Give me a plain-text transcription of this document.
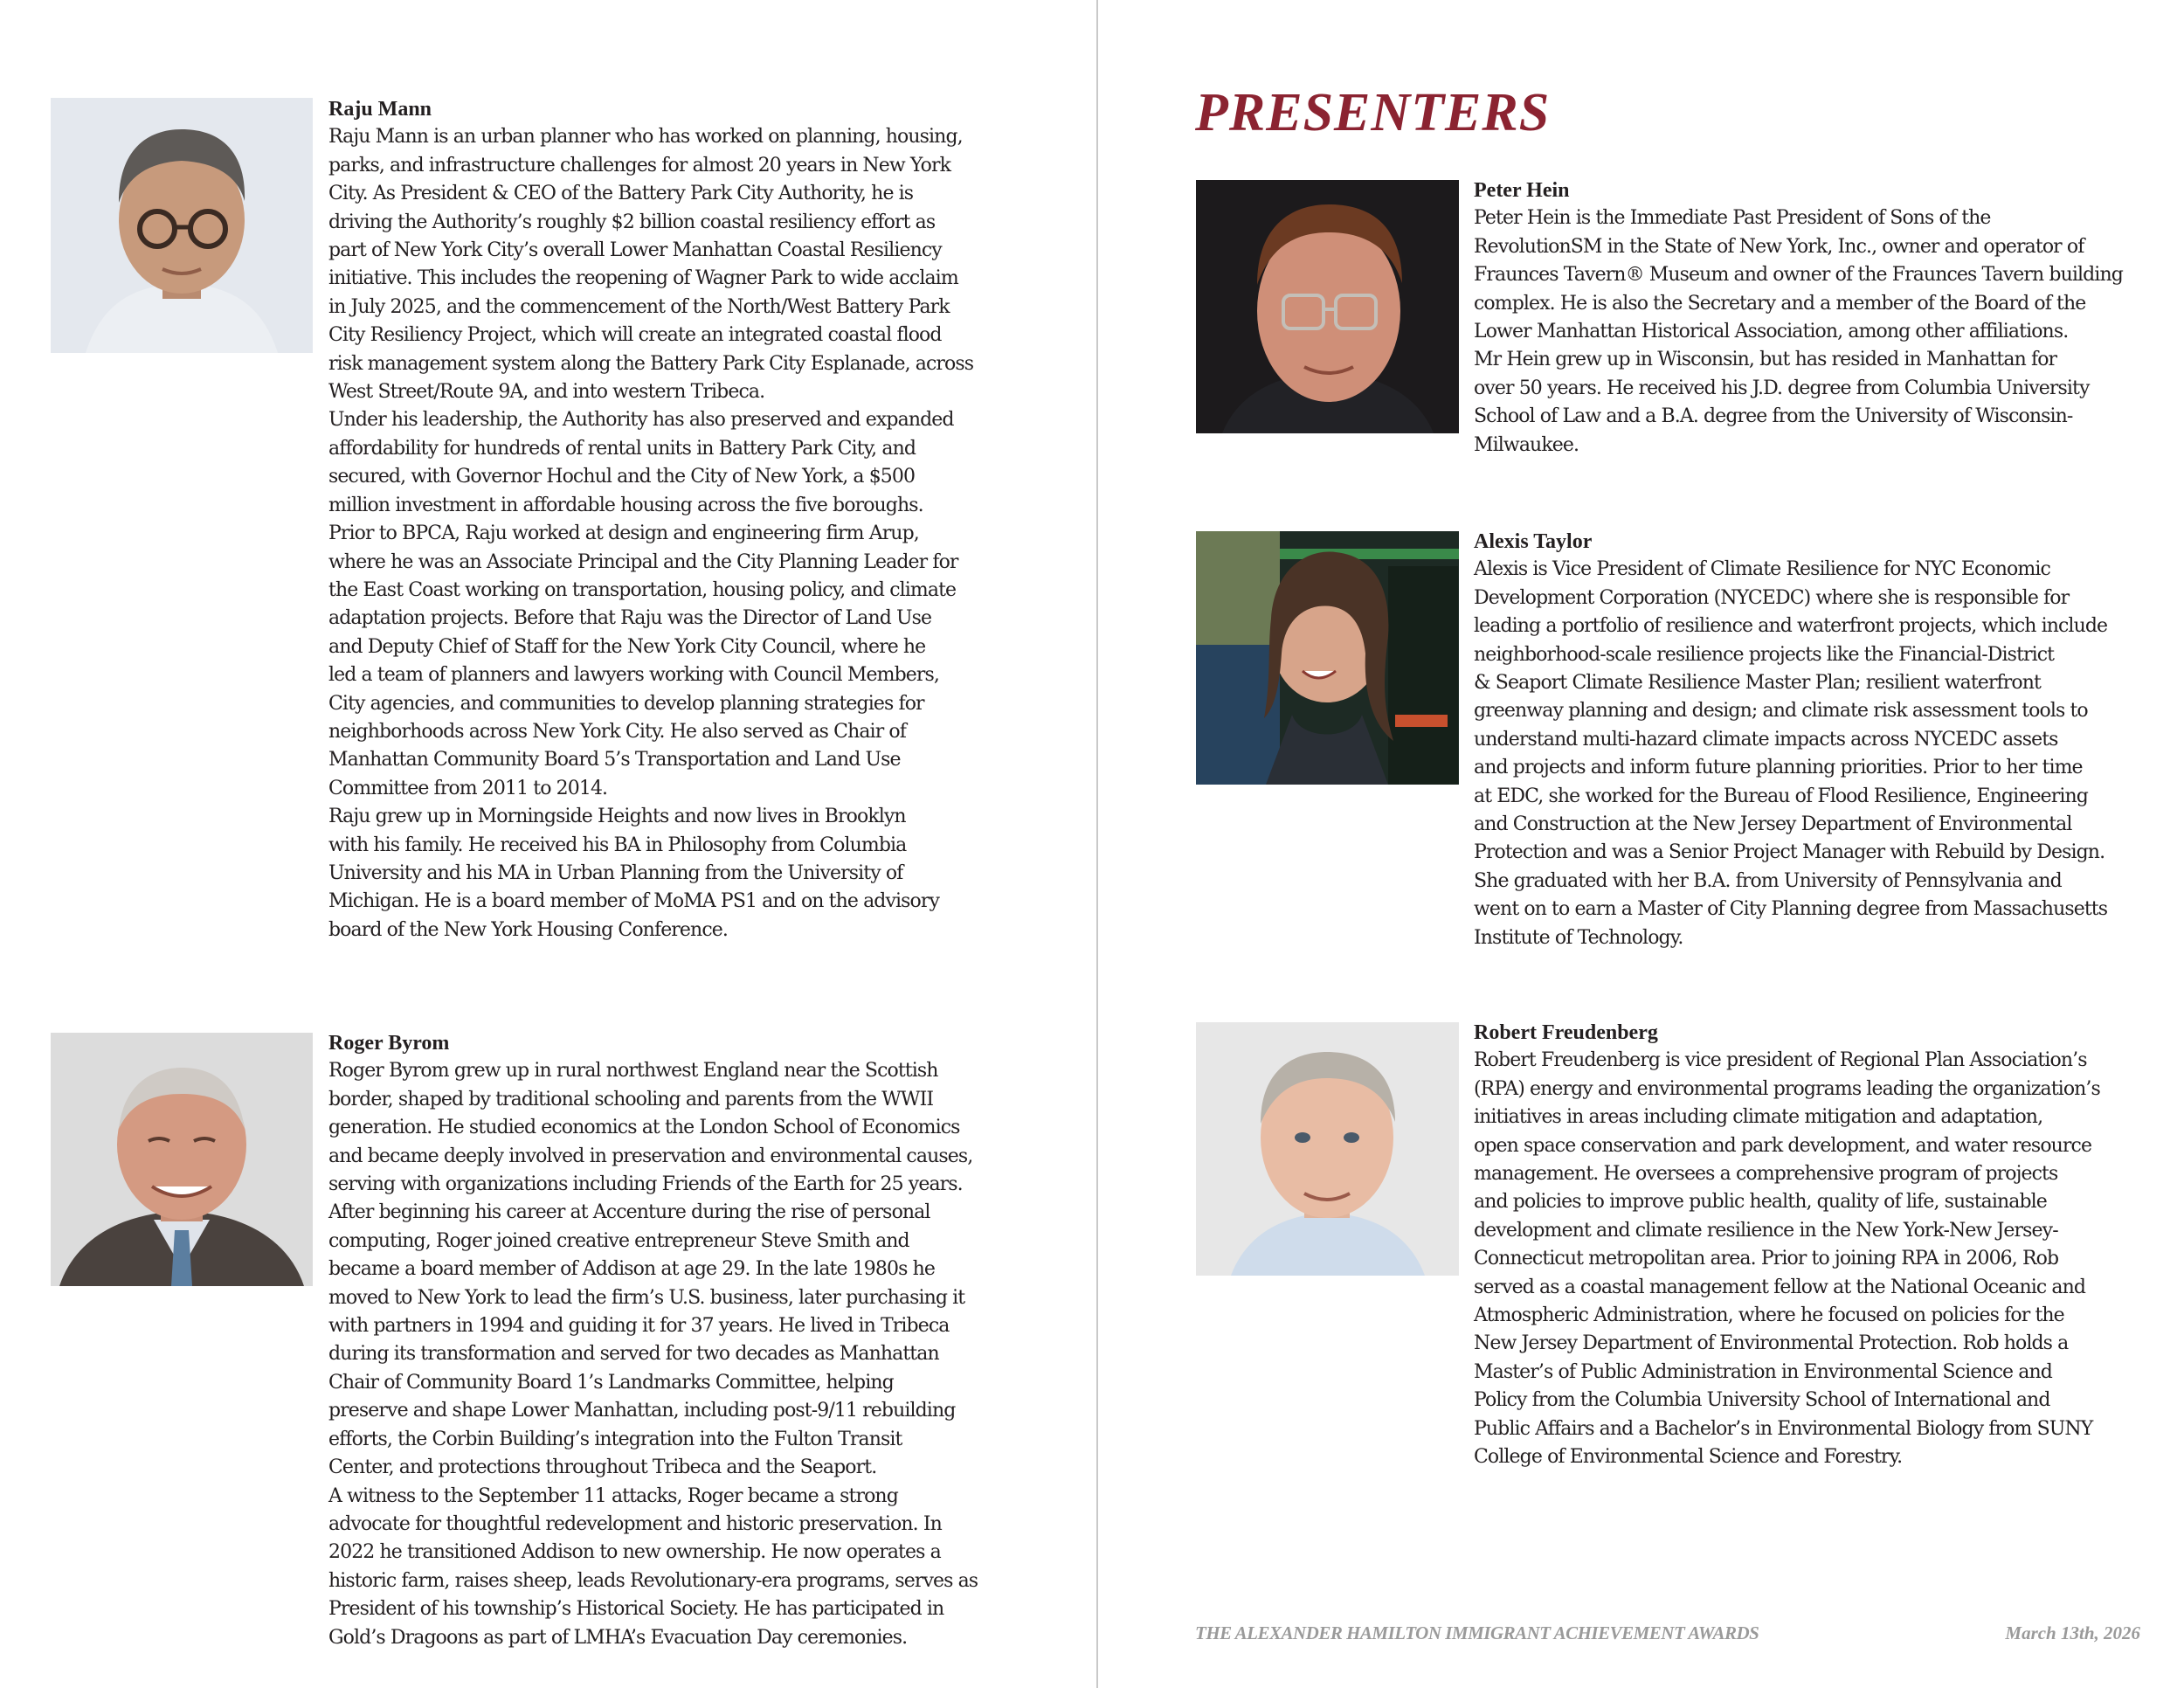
Raju Mann

Raju Mann is an urban planner who has worked on planning, housing,

parks, and infrastructure challenges for almost 20 years in New York

City. As President & CEO of the Battery Park City Authority, he is

driving the Authority’s roughly $2 billion coastal resiliency effort as

part of New York City’s overall Lower Manhattan Coastal Resiliency

initiative. This includes the reopening of Wagner Park to wide acclaim

in July 2025, and the commencement of the North/West Battery Park

City Resiliency Project, which will create an integrated coastal flood

risk management system along the Battery Park City Esplanade, across

West Street/Route 9A, and into western Tribeca.

Under his leadership, the Authority has also preserved and expanded

affordability for hundreds of rental units in Battery Park City, and

secured, with Governor Hochul and the City of New York, a $500

million investment in affordable housing across the five boroughs.

Prior to BPCA, Raju worked at design and engineering firm Arup,

where he was an Associate Principal and the City Planning Leader for

the East Coast working on transportation, housing policy, and climate

adaptation projects. Before that Raju was the Director of Land Use

and Deputy Chief of Staff for the New York City Council, where he

led a team of planners and lawyers working with Council Members,

City agencies, and communities to develop planning strategies for

neighborhoods across New York City. He also served as Chair of

Manhattan Community Board 5’s Transportation and Land Use

Committee from 2011 to 2014.

Raju grew up in Morningside Heights and now lives in Brooklyn

with his family. He received his BA in Philosophy from Columbia

University and his MA in Urban Planning from the University of

Michigan. He is a board member of MoMA PS1 and on the advisory

board of the New York Housing Conference.

Roger Byrom

Roger Byrom grew up in rural northwest England near the Scottish

border, shaped by traditional schooling and parents from the WWII

generation. He studied economics at the London School of Economics

and became deeply involved in preservation and environmental causes,

serving with organizations including Friends of the Earth for 25 years.

After beginning his career at Accenture during the rise of personal

computing, Roger joined creative entrepreneur Steve Smith and

became a board member of Addison at age 29. In the late 1980s he

moved to New York to lead the firm’s U.S. business, later purchasing it

with partners in 1994 and guiding it for 37 years. He lived in Tribeca

during its transformation and served for two decades as Manhattan

Chair of Community Board 1’s Landmarks Committee, helping

preserve and shape Lower Manhattan, including post-9/11 rebuilding

efforts, the Corbin Building’s integration into the Fulton Transit

Center, and protections throughout Tribeca and the Seaport.

A witness to the September 11 attacks, Roger became a strong

advocate for thoughtful redevelopment and historic preservation. In

2022 he transitioned Addison to new ownership. He now operates a

historic farm, raises sheep, leads Revolutionary-era programs, serves as

President of his township’s Historical Society. He has participated in

Gold’s Dragoons as part of LMHA’s Evacuation Day ceremonies.

PRESENTERS
Peter Hein

Peter Hein is the Immediate Past President of Sons of the

RevolutionSM in the State of New York, Inc., owner and operator of

Fraunces Tavern® Museum and owner of the Fraunces Tavern building

complex. He is also the Secretary and a member of the Board of the

Lower Manhattan Historical Association, among other affiliations.

Mr Hein grew up in Wisconsin, but has resided in Manhattan for

over 50 years. He received his J.D. degree from Columbia University

School of Law and a B.A. degree from the University of Wisconsin-

Milwaukee.

Alexis Taylor

Alexis is Vice President of Climate Resilience for NYC Economic

Development Corporation (NYCEDC) where she is responsible for

leading a portfolio of resilience and waterfront projects, which include

neighborhood-scale resilience projects like the Financial-District

& Seaport Climate Resilience Master Plan; resilient waterfront

greenway planning and design; and climate risk assessment tools to

understand multi-hazard climate impacts across NYCEDC assets

and projects and inform future planning priorities. Prior to her time

at EDC, she worked for the Bureau of Flood Resilience, Engineering

and Construction at the New Jersey Department of Environmental

Protection and was a Senior Project Manager with Rebuild by Design.

She graduated with her B.A. from University of Pennsylvania and

went on to earn a Master of City Planning degree from Massachusetts

Institute of Technology.

Robert Freudenberg

Robert Freudenberg is vice president of Regional Plan Association’s

(RPA) energy and environmental programs leading the organization’s

initiatives in areas including climate mitigation and adaptation,

open space conservation and park development, and water resource

management. He oversees a comprehensive program of projects

and policies to improve public health, quality of life, sustainable

development and climate resilience in the New York-New Jersey-

Connecticut metropolitan area. Prior to joining RPA in 2006, Rob

served as a coastal management fellow at the National Oceanic and

Atmospheric Administration, where he focused on policies for the

New Jersey Department of Environmental Protection. Rob holds a

Master’s of Public Administration in Environmental Science and

Policy from the Columbia University School of International and

Public Affairs and a Bachelor’s in Environmental Biology from SUNY

College of Environmental Science and Forestry.

THE ALEXANDER HAMILTON IMMIGRANT ACHIEVEMENT AWARDS	March 13th, 2026
